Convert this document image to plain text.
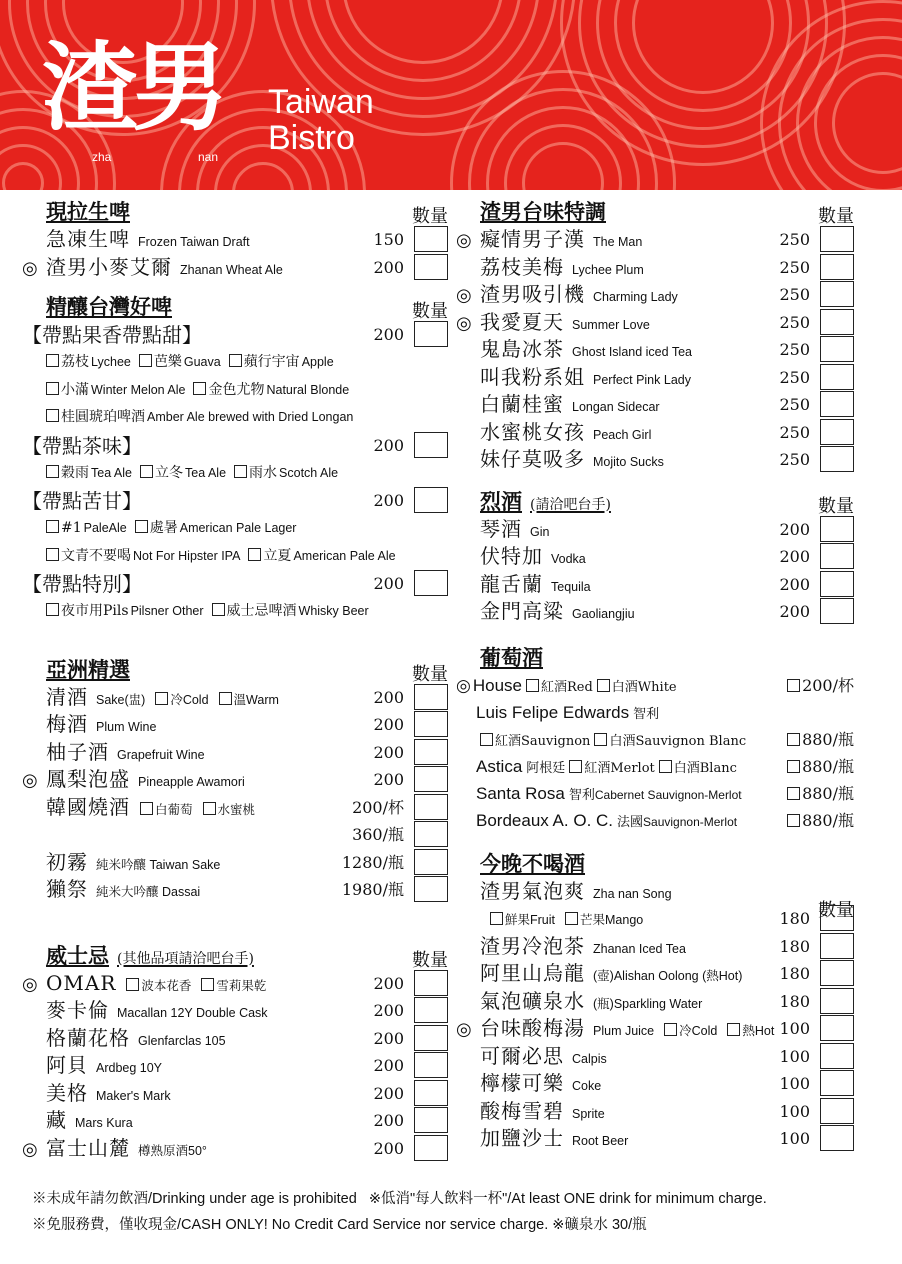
渣男
zha	nan
Taiwan
Bistro
現拉生啤	數量
急凍生啤 Frozen Taiwan Draft	150
◎ 渣男小麥艾爾 Zhanan Wheat Ale	200
精釀台灣好啤	數量
【帶點果香帶點甜】	200
荔枝 Lychee 芭樂 Guava 蘋行宇宙 Apple
小滿 Winter Melon Ale 金色尤物 Natural Blonde
桂圓琥珀啤酒 Amber Ale brewed with Dried Longan
【帶點茶味】	200
穀雨 Tea Ale 立冬 Tea Ale 雨水 Scotch Ale
【帶點苦甘】	200
#1 PaleAle 處暑 American Pale Lager
文青不要喝 Not For Hipster IPA 立夏 American Pale Ale
【帶點特別】	200
夜市用Pils Pilsner Other 威士忌啤酒 Whisky Beer
亞洲精選	數量
清酒 Sake(盅) 冷Cold 溫Warm	200
梅酒 Plum Wine	200
柚子酒 Grapefruit Wine	200
◎ 鳳梨泡盛 Pineapple Awamori	200
韓國燒酒 白葡萄 水蜜桃	200/杯
360/瓶
初霧 純米吟釀 Taiwan Sake	1280/瓶
獺祭 純米大吟釀 Dassai	1980/瓶
威士忌 (其他品項請洽吧台手)	數量
◎ OMAR 波本花香 雪莉果乾	200
麥卡倫 Macallan 12Y Double Cask	200
格蘭花格 Glenfarclas 105	200
阿貝 Ardbeg 10Y	200
美格 Maker's Mark	200
藏 Mars Kura	200
◎ 富士山麓 樽熟原酒50°	200
渣男台味特調	數量
◎ 癡情男子漢 The Man	250
荔枝美梅 Lychee Plum	250
◎ 渣男吸引機 Charming Lady	250
◎ 我愛夏天 Summer Love	250
鬼島冰茶 Ghost Island iced Tea	250
叫我粉系姐 Perfect Pink Lady	250
白蘭桂蜜 Longan Sidecar	250
水蜜桃女孩 Peach Girl	250
妹仔莫吸多 Mojito Sucks	250
烈酒 (請洽吧台手)	數量
琴酒 Gin	200
伏特加 Vodka	200
龍舌蘭 Tequila	200
金門高粱 Gaoliangjiu	200
葡萄酒
◎ House 紅酒Red 白酒White	200/杯
Luis Felipe Edwards 智利
紅酒Sauvignon 白酒Sauvignon Blanc	880/瓶
Astica 阿根廷 紅酒Merlot 白酒Blanc	880/瓶
Santa Rosa 智利Cabernet Sauvignon-Merlot	880/瓶
Bordeaux A. O. C. 法國Sauvignon-Merlot	880/瓶
今晚不喝酒
數量
渣男氣泡爽 Zha nan Song
鮮果Fruit 芒果Mango	180
渣男冷泡茶 Zhanan Iced Tea	180
阿里山烏龍 (壺)Alishan Oolong (熱Hot) 180
氣泡礦泉水 (瓶)Sparkling Water	180
◎ 台味酸梅湯 Plum Juice 冷Cold 熱Hot 100
可爾必思 Calpis	100
檸檬可樂 Coke	100
酸梅雪碧 Sprite	100
加鹽沙士 Root Beer	100
※未成年請勿飲酒/Drinking under age is prohibited ※低消"每人飲料一杯"/At least ONE drink for minimum charge.
※免服務費，僅收現金/CASH ONLY! No Credit Card Service nor service charge. ※礦泉水 30/瓶
